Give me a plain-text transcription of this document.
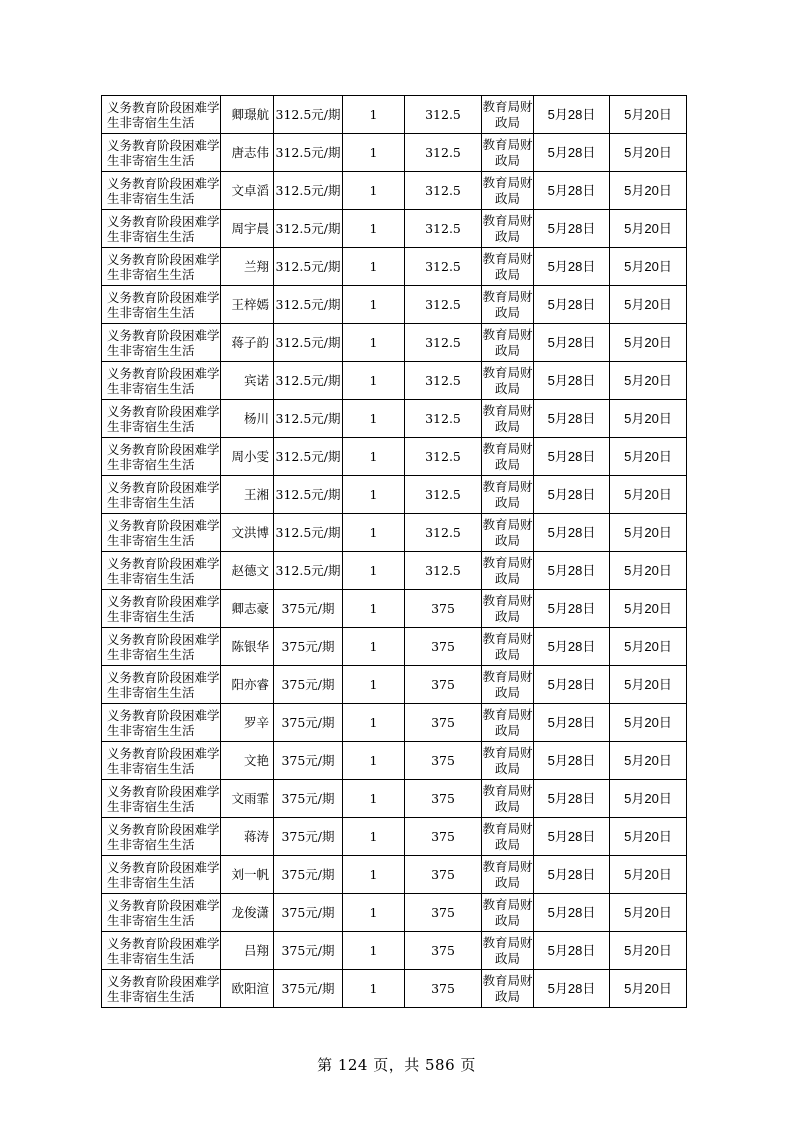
义务教育阶段困难学生非寄宿生生活	卿璟航	312.5元/期	1	312.5	教育局财政局	5月28日	5月20日
义务教育阶段困难学生非寄宿生生活	唐志伟	312.5元/期	1	312.5	教育局财政局	5月28日	5月20日
义务教育阶段困难学生非寄宿生生活	文卓滔	312.5元/期	1	312.5	教育局财政局	5月28日	5月20日
义务教育阶段困难学生非寄宿生生活	周宇晨	312.5元/期	1	312.5	教育局财政局	5月28日	5月20日
义务教育阶段困难学生非寄宿生生活	兰翔	312.5元/期	1	312.5	教育局财政局	5月28日	5月20日
义务教育阶段困难学生非寄宿生生活	王梓嫣	312.5元/期	1	312.5	教育局财政局	5月28日	5月20日
义务教育阶段困难学生非寄宿生生活	蒋子韵	312.5元/期	1	312.5	教育局财政局	5月28日	5月20日
义务教育阶段困难学生非寄宿生生活	宾诺	312.5元/期	1	312.5	教育局财政局	5月28日	5月20日
义务教育阶段困难学生非寄宿生生活	杨川	312.5元/期	1	312.5	教育局财政局	5月28日	5月20日
义务教育阶段困难学生非寄宿生生活	周小雯	312.5元/期	1	312.5	教育局财政局	5月28日	5月20日
义务教育阶段困难学生非寄宿生生活	王湘	312.5元/期	1	312.5	教育局财政局	5月28日	5月20日
义务教育阶段困难学生非寄宿生生活	文洪博	312.5元/期	1	312.5	教育局财政局	5月28日	5月20日
义务教育阶段困难学生非寄宿生生活	赵德文	312.5元/期	1	312.5	教育局财政局	5月28日	5月20日
义务教育阶段困难学生非寄宿生生活	卿志豪	375元/期	1	375	教育局财政局	5月28日	5月20日
义务教育阶段困难学生非寄宿生生活	陈银华	375元/期	1	375	教育局财政局	5月28日	5月20日
义务教育阶段困难学生非寄宿生生活	阳亦睿	375元/期	1	375	教育局财政局	5月28日	5月20日
义务教育阶段困难学生非寄宿生生活	罗辛	375元/期	1	375	教育局财政局	5月28日	5月20日
义务教育阶段困难学生非寄宿生生活	文艳	375元/期	1	375	教育局财政局	5月28日	5月20日
义务教育阶段困难学生非寄宿生生活	文雨霏	375元/期	1	375	教育局财政局	5月28日	5月20日
义务教育阶段困难学生非寄宿生生活	蒋涛	375元/期	1	375	教育局财政局	5月28日	5月20日
义务教育阶段困难学生非寄宿生生活	刘一帆	375元/期	1	375	教育局财政局	5月28日	5月20日
义务教育阶段困难学生非寄宿生生活	龙俊潇	375元/期	1	375	教育局财政局	5月28日	5月20日
义务教育阶段困难学生非寄宿生生活	吕翔	375元/期	1	375	教育局财政局	5月28日	5月20日
义务教育阶段困难学生非寄宿生生活	欧阳渲	375元/期	1	375	教育局财政局	5月28日	5月20日
第 124 页，共 586 页
